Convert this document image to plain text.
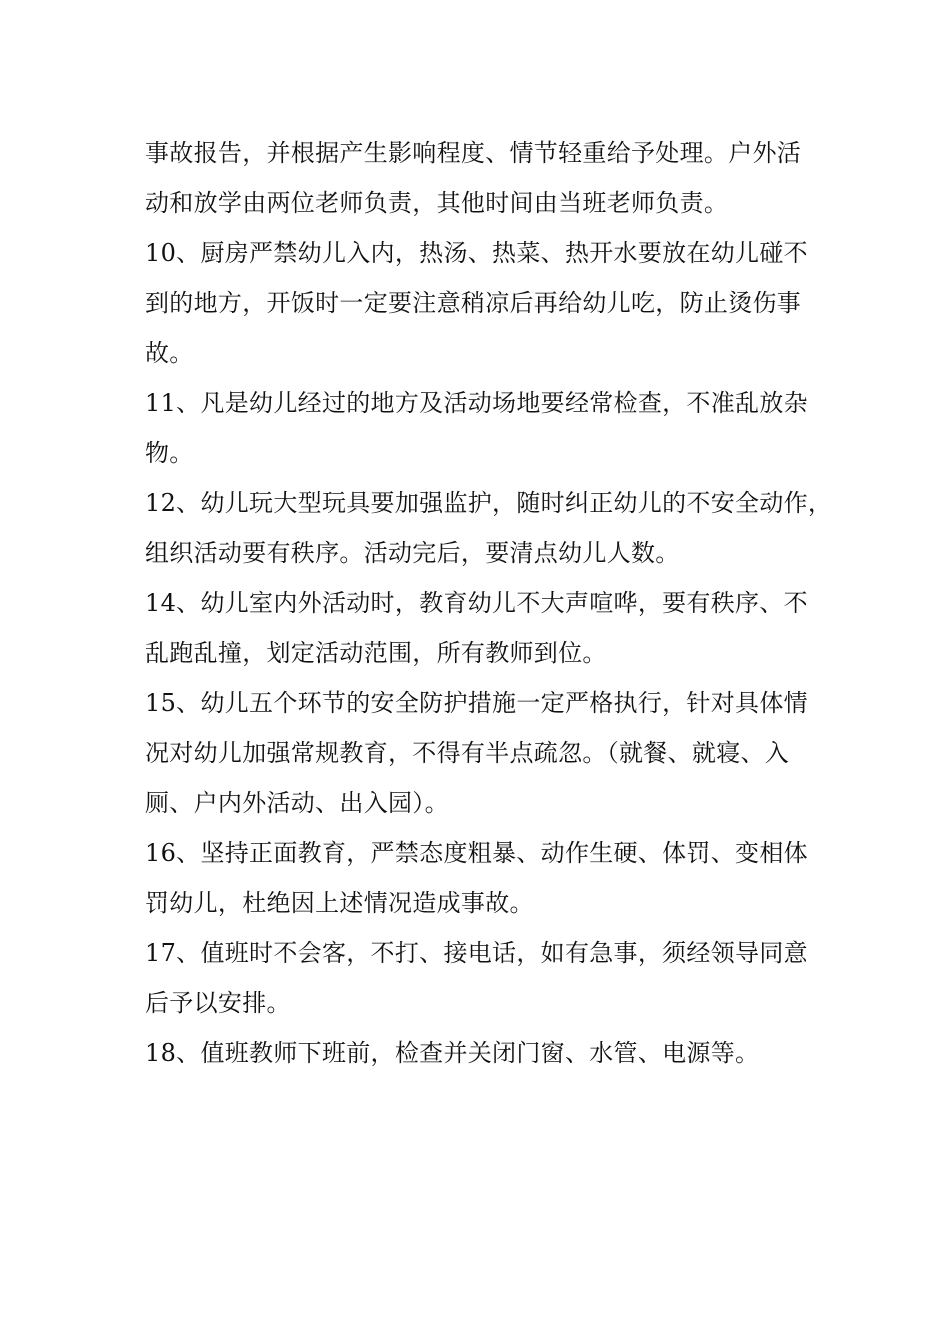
事故报告，并根据产生影响程度、情节轻重给予处理。户外活
动和放学由两位老师负责，其他时间由当班老师负责。

10、厨房严禁幼儿入内，热汤、热菜、热开水要放在幼儿碰不
到的地方，开饭时一定要注意稍凉后再给幼儿吃，防止烫伤事
故。

11、凡是幼儿经过的地方及活动场地要经常检查，不准乱放杂
物。

12、幼儿玩大型玩具要加强监护，随时纠正幼儿的不安全动作，
组织活动要有秩序。活动完后，要清点幼儿人数。

14、幼儿室内外活动时，教育幼儿不大声喧哗，要有秩序、不
乱跑乱撞，划定活动范围，所有教师到位。

15、幼儿五个环节的安全防护措施一定严格执行，针对具体情
况对幼儿加强常规教育，不得有半点疏忽。（就餐、就寝、入
厕、户内外活动、出入园）。

16、坚持正面教育，严禁态度粗暴、动作生硬、体罚、变相体
罚幼儿，杜绝因上述情况造成事故。

17、值班时不会客，不打、接电话，如有急事，须经领导同意
后予以安排。

18、值班教师下班前，检查并关闭门窗、水管、电源等。
